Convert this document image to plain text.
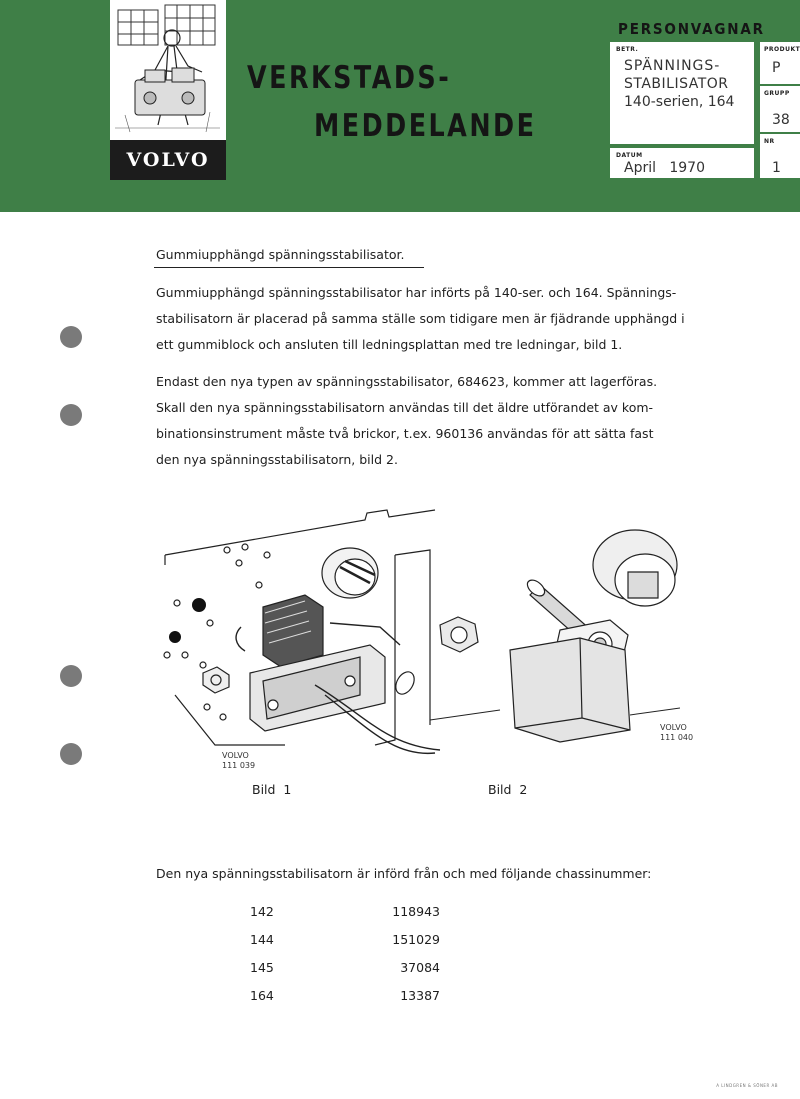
VOLVO
VERKSTADS-
MEDDELANDE
PERSONVAGNAR
BETR.
SPÄNNINGS-
STABILISATOR
140-serien, 164
DATUM
April   1970
PRODUKT
P
GRUPP
38
NR
1
Gummiupphängd spänningsstabilisator.
Gummiupphängd spänningsstabilisator har införts på 140-ser. och 164. Spännings-
stabilisatorn är placerad på samma ställe som tidigare men är fjädrande upphängd i
ett gummiblock och ansluten till ledningsplattan med tre ledningar, bild 1.
Endast den nya typen av spänningsstabilisator, 684623, kommer att lagerföras.
Skall den nya spänningsstabilisatorn användas till det äldre utförandet av kom-
binationsinstrument måste två brickor, t.ex. 960136 användas för att sätta fast
den nya spänningsstabilisatorn, bild 2.
VOLVO
111 039
Bild  1
VOLVO
111 040
Bild  2
Den nya spänningsstabilisatorn är införd från och med följande chassinummer:
142	118943
144	151029
145	37084
164	13387
A LINDGREN & SÖNER AB
